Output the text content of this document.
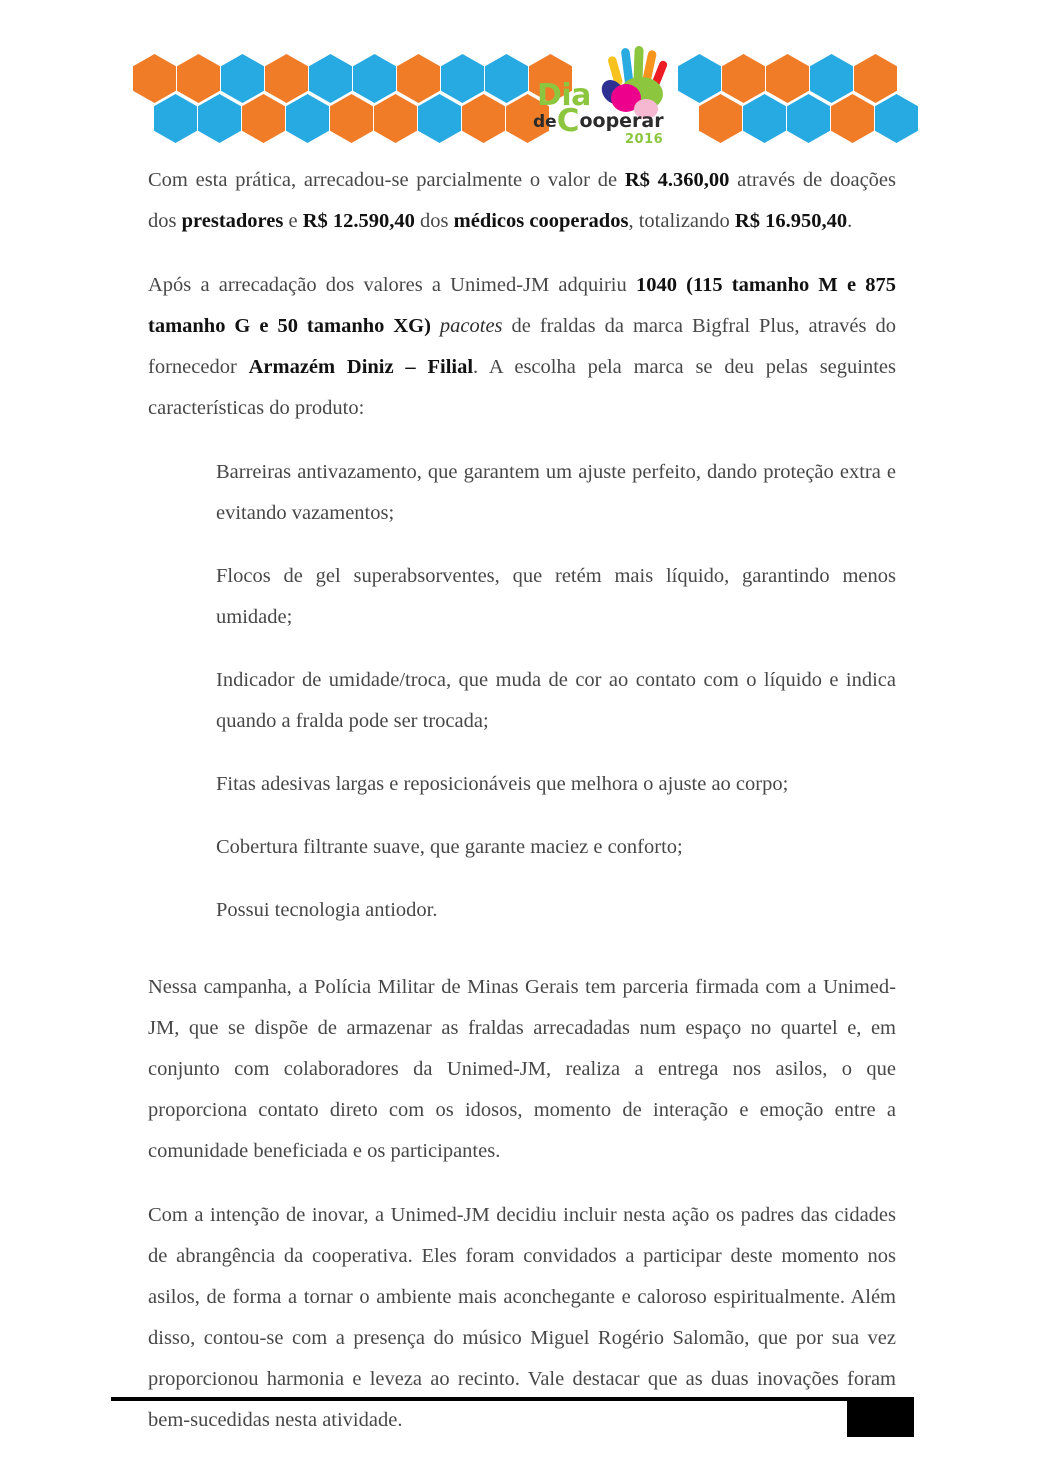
Dia
deCooperar
2016

Com esta prática, arrecadou-se parcialmente o valor de R$ 4.360,00 através de doações dos prestadores e R$ 12.590,40 dos médicos cooperados, totalizando R$ 16.950,40.

Após a arrecadação dos valores a Unimed-JM adquiriu 1040 (115 tamanho M e 875 tamanho G e 50 tamanho XG) pacotes de fraldas da marca Bigfral Plus, através do fornecedor Armazém Diniz – Filial. A escolha pela marca se deu pelas seguintes características do produto:

Barreiras antivazamento, que garantem um ajuste perfeito, dando proteção extra e evitando vazamentos;
Flocos de gel superabsorventes, que retém mais líquido, garantindo menos umidade;
Indicador de umidade/troca, que muda de cor ao contato com o líquido e indica quando a fralda pode ser trocada;
Fitas adesivas largas e reposicionáveis que melhora o ajuste ao corpo;
Cobertura filtrante suave, que garante maciez e conforto;
Possui tecnologia antiodor.

Nessa campanha, a Polícia Militar de Minas Gerais tem parceria firmada com a Unimed-JM, que se dispõe de armazenar as fraldas arrecadadas num espaço no quartel e, em conjunto com colaboradores da Unimed-JM, realiza a entrega nos asilos, o que proporciona contato direto com os idosos, momento de interação e emoção entre a comunidade beneficiada e os participantes.

Com a intenção de inovar, a Unimed-JM decidiu incluir nesta ação os padres das cidades de abrangência da cooperativa. Eles foram convidados a participar deste momento nos asilos, de forma a tornar o ambiente mais aconchegante e caloroso espiritualmente. Além disso, contou-se com a presença do músico Miguel Rogério Salomão, que por sua vez proporcionou harmonia e leveza ao recinto. Vale destacar que as duas inovações foram bem-sucedidas nesta atividade.
